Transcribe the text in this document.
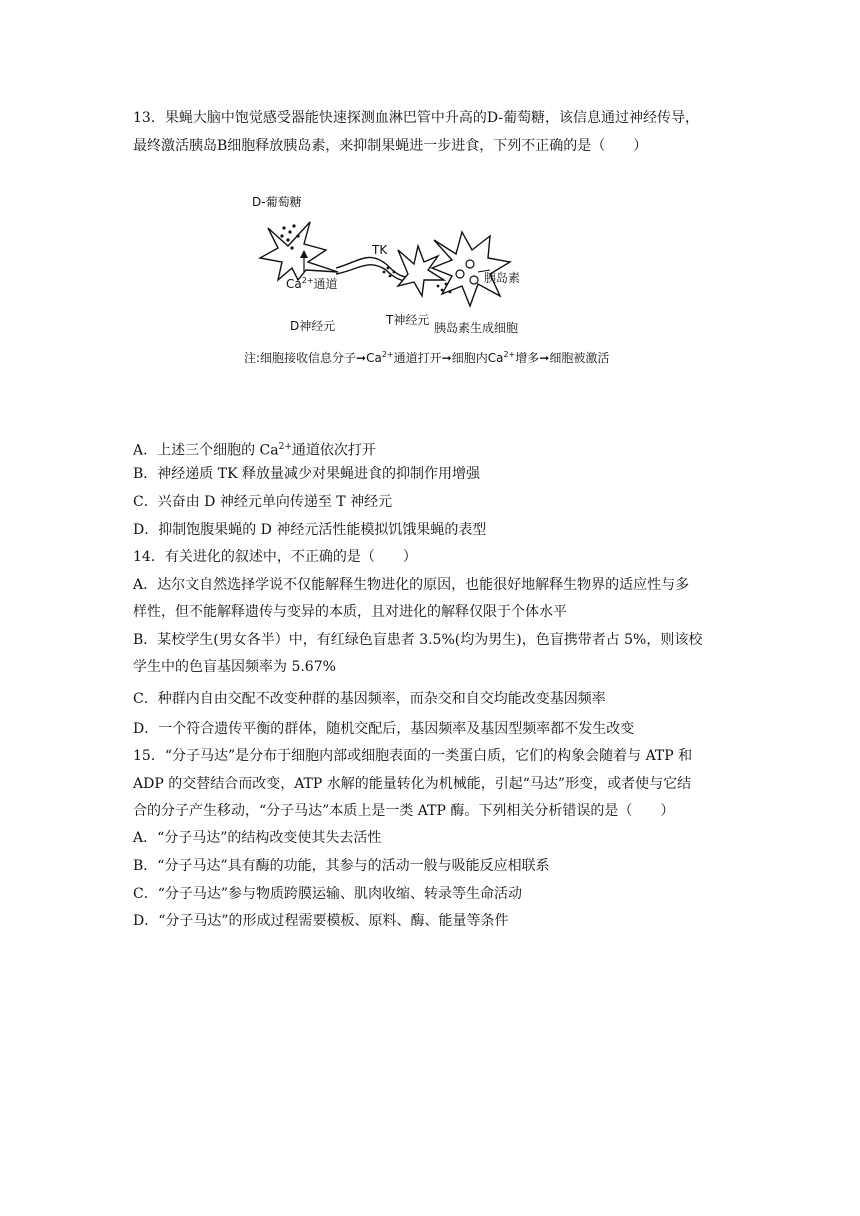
13．果蝇大脑中饱觉感受器能快速探测血淋巴管中升高的D-葡萄糖，该信息通过神经传导，
最终激活胰岛B细胞释放胰岛素，来抑制果蝇进一步进食，下列不正确的是（　　）
D-葡萄糖
TK
胰岛素
$Ca^{2+}$通道
D神经元	T神经元
胰岛素生成细胞
注:细胞接收信息分子$➞Ca^{2+}$通道打开➞细胞内$Ca^{2+}$增多➞细胞被激活
A．上述三个细胞的 $Ca^{2+}$通道依次打开
B．神经递质 TK 释放量减少对果蝇进食的抑制作用增强
C．兴奋由 D 神经元单向传递至 T 神经元
D．抑制饱腹果蝇的 D 神经元活性能模拟饥饿果蝇的表型
14．有关进化的叙述中，不正确的是（　　）
A．达尔文自然选择学说不仅能解释生物进化的原因，也能很好地解释生物界的适应性与多
样性，但不能解释遗传与变异的本质，且对进化的解释仅限于个体水平
B．某校学生(男女各半）中，有红绿色盲患者 3.5%(均为男生)，色盲携带者占 5%，则该校
学生中的色盲基因频率为 5.67%
C．种群内自由交配不改变种群的基因频率，而杂交和自交均能改变基因频率
D．一个符合遗传平衡的群体，随机交配后，基因频率及基因型频率都不发生改变
15．“分子马达”是分布于细胞内部或细胞表面的一类蛋白质，它们的构象会随着与 ATP 和
ADP 的交替结合而改变，ATP 水解的能量转化为机械能，引起“马达”形变，或者使与它结
合的分子产生移动，“分子马达”本质上是一类 ATP 酶。下列相关分析错误的是（　　）
A．“分子马达”的结构改变使其失去活性
B．“分子马达”具有酶的功能，其参与的活动一般与吸能反应相联系
C．“分子马达”参与物质跨膜运输、肌肉收缩、转录等生命活动
D．“分子马达”的形成过程需要模板、原料、酶、能量等条件
